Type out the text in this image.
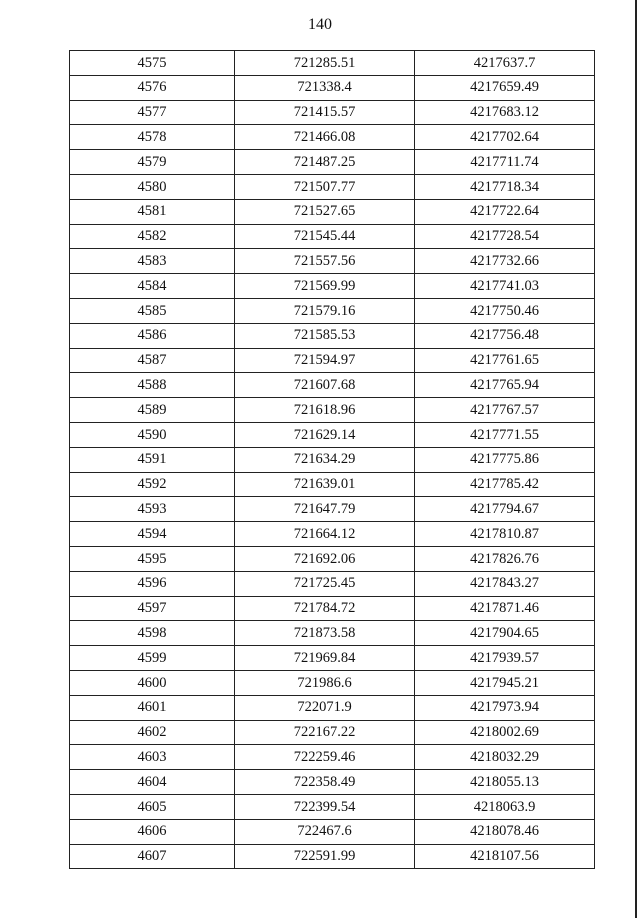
140
4575	721285.51	4217637.7
4576	721338.4	4217659.49
4577	721415.57	4217683.12
4578	721466.08	4217702.64
4579	721487.25	4217711.74
4580	721507.77	4217718.34
4581	721527.65	4217722.64
4582	721545.44	4217728.54
4583	721557.56	4217732.66
4584	721569.99	4217741.03
4585	721579.16	4217750.46
4586	721585.53	4217756.48
4587	721594.97	4217761.65
4588	721607.68	4217765.94
4589	721618.96	4217767.57
4590	721629.14	4217771.55
4591	721634.29	4217775.86
4592	721639.01	4217785.42
4593	721647.79	4217794.67
4594	721664.12	4217810.87
4595	721692.06	4217826.76
4596	721725.45	4217843.27
4597	721784.72	4217871.46
4598	721873.58	4217904.65
4599	721969.84	4217939.57
4600	721986.6	4217945.21
4601	722071.9	4217973.94
4602	722167.22	4218002.69
4603	722259.46	4218032.29
4604	722358.49	4218055.13
4605	722399.54	4218063.9
4606	722467.6	4218078.46
4607	722591.99	4218107.56
